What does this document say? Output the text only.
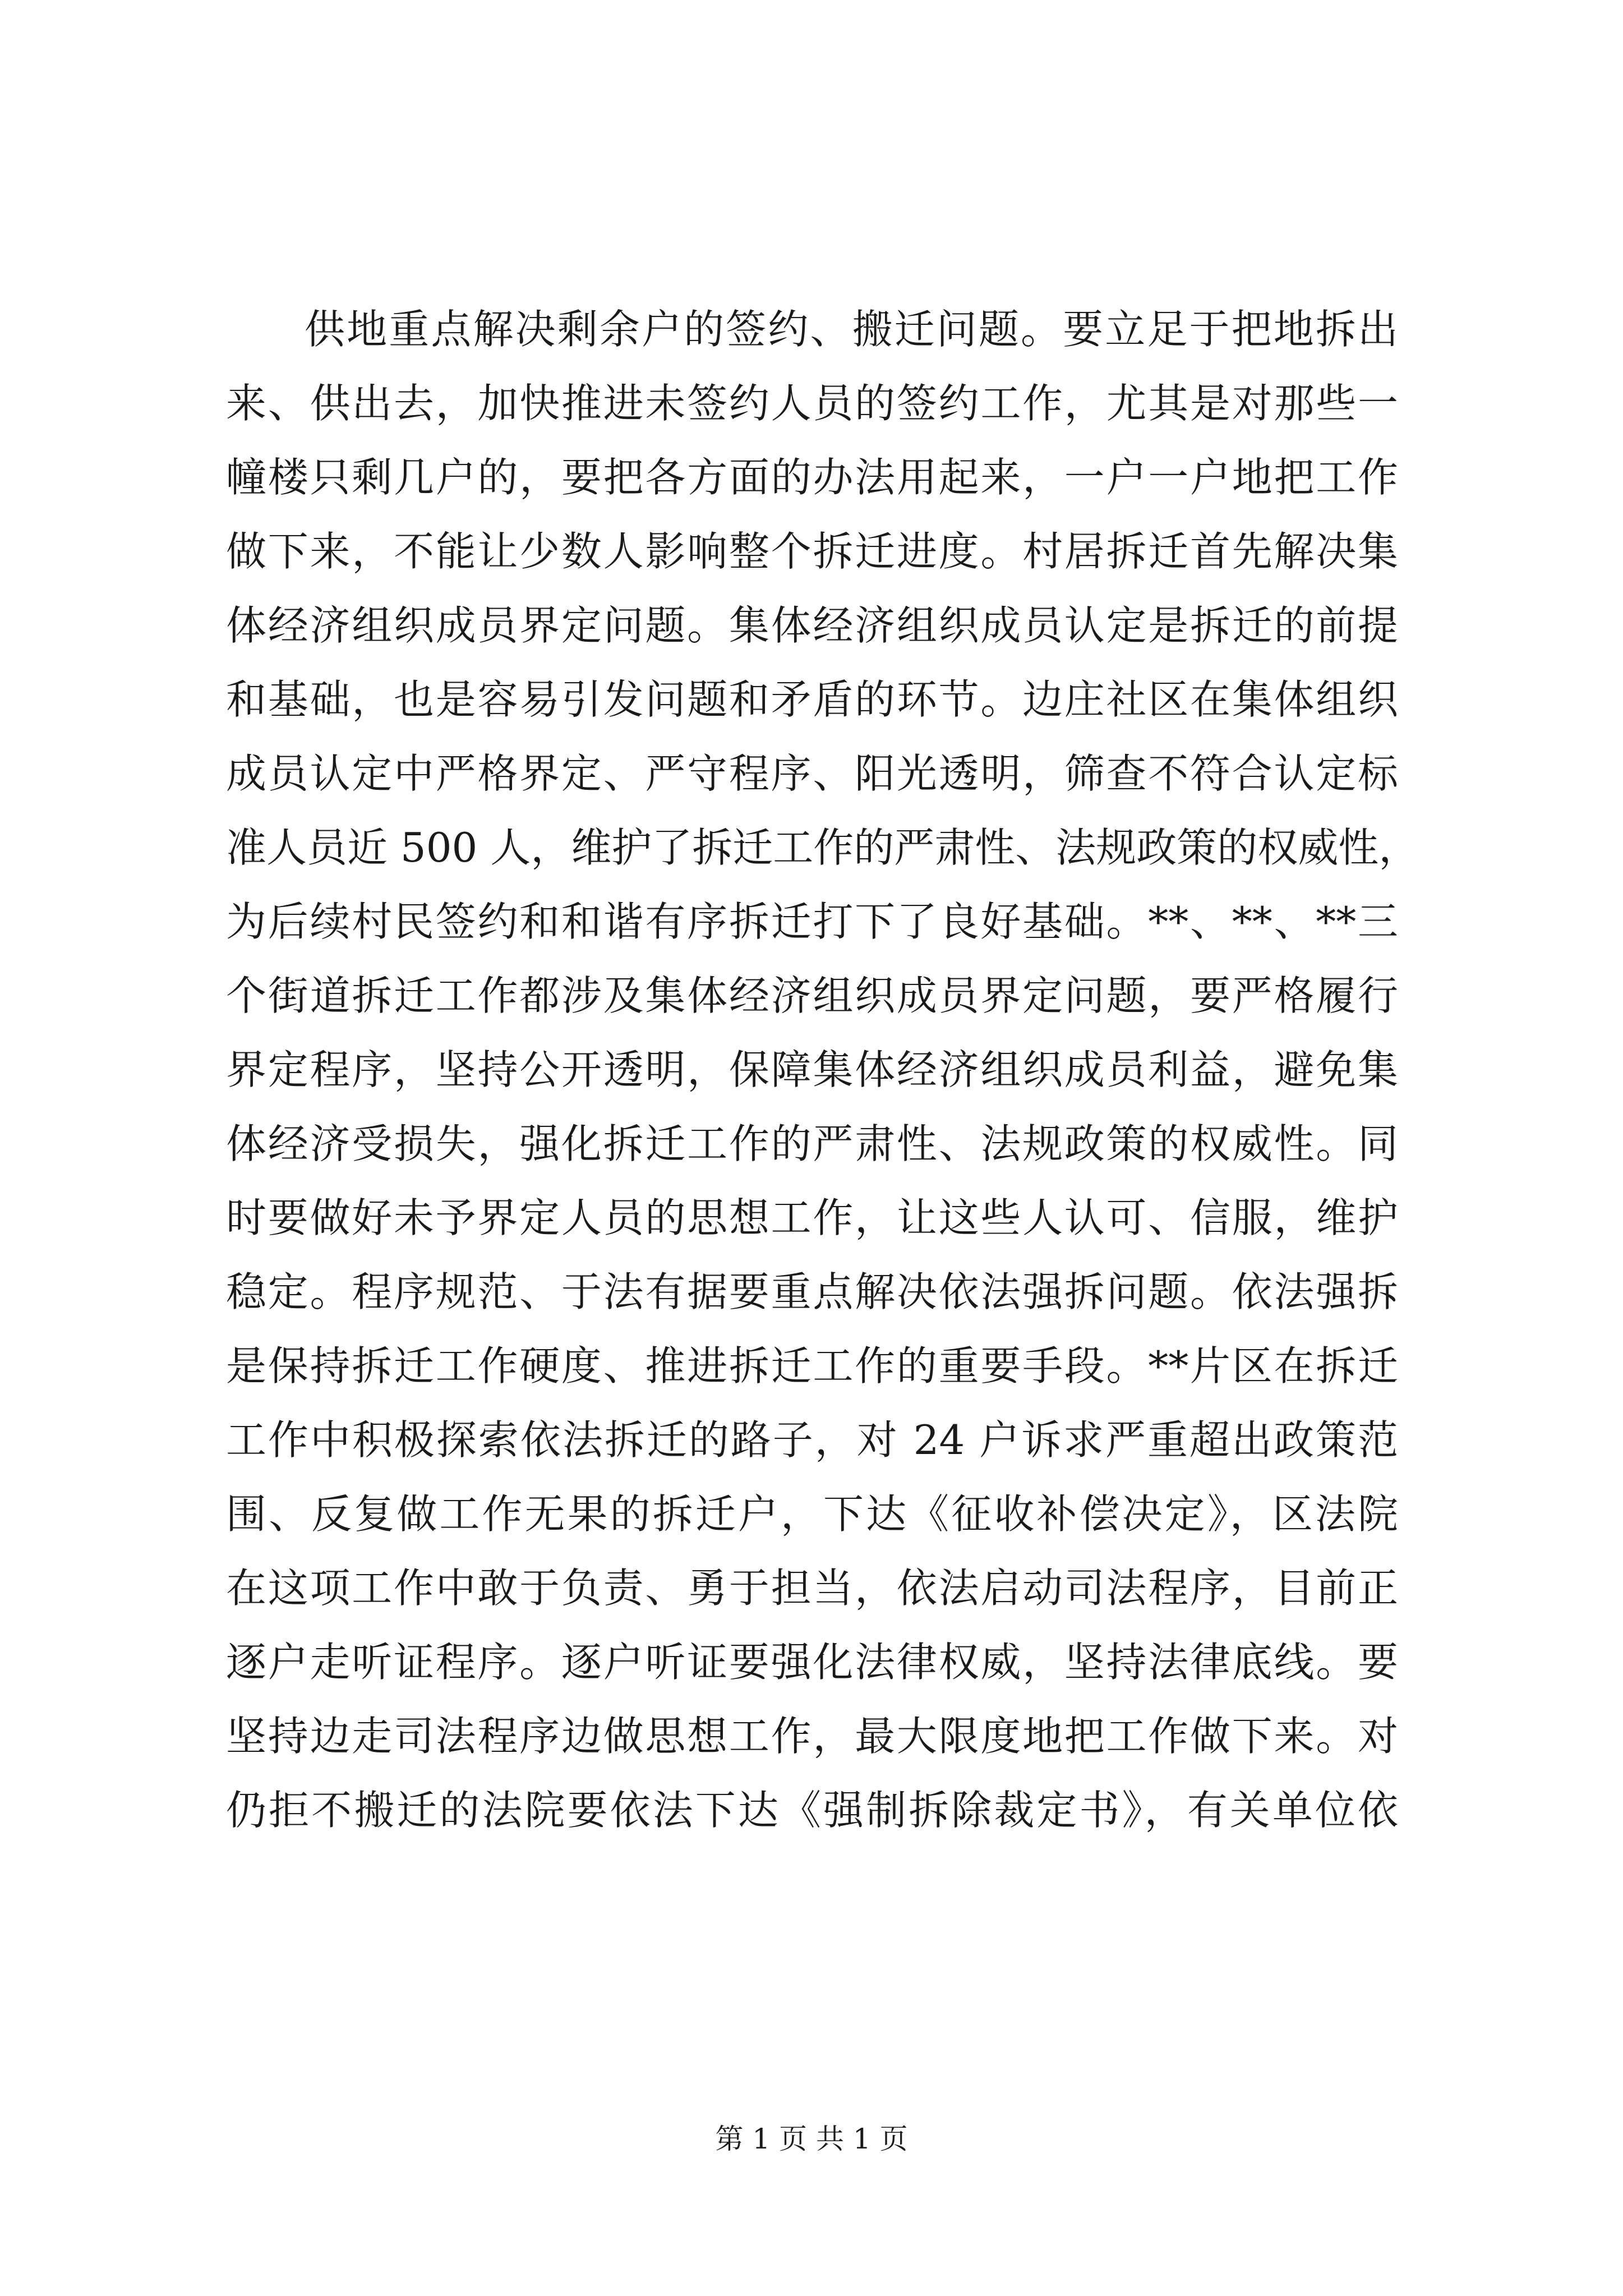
供地重点解决剩余户的签约、搬迁问题。要立足于把地拆出
来、供出去，加快推进未签约人员的签约工作，尤其是对那些一
幢楼只剩几户的，要把各方面的办法用起来，一户一户地把工作
做下来，不能让少数人影响整个拆迁进度。村居拆迁首先解决集
体经济组织成员界定问题。集体经济组织成员认定是拆迁的前提
和基础，也是容易引发问题和矛盾的环节。边庄社区在集体组织
成员认定中严格界定、严守程序、阳光透明，筛查不符合认定标
准人员近 500 人，维护了拆迁工作的严肃性、法规政策的权威性，
为后续村民签约和和谐有序拆迁打下了良好基础。**、**、**三
个街道拆迁工作都涉及集体经济组织成员界定问题，要严格履行
界定程序，坚持公开透明，保障集体经济组织成员利益，避免集
体经济受损失，强化拆迁工作的严肃性、法规政策的权威性。同
时要做好未予界定人员的思想工作，让这些人认可、信服，维护
稳定。程序规范、于法有据要重点解决依法强拆问题。依法强拆
是保持拆迁工作硬度、推进拆迁工作的重要手段。**片区在拆迁
工作中积极探索依法拆迁的路子，对 24 户诉求严重超出政策范
围、反复做工作无果的拆迁户，下达《征收补偿决定》，区法院
在这项工作中敢于负责、勇于担当，依法启动司法程序，目前正
逐户走听证程序。逐户听证要强化法律权威，坚持法律底线。要
坚持边走司法程序边做思想工作，最大限度地把工作做下来。对
仍拒不搬迁的法院要依法下达《强制拆除裁定书》，有关单位依
第 1 页 共 1 页
